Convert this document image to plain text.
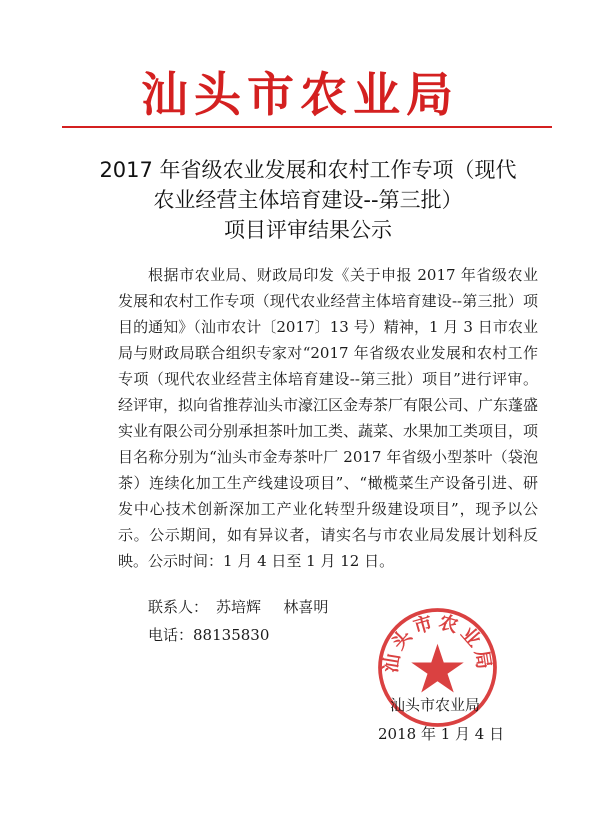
汕头市农业局
2017 年省级农业发展和农村工作专项（现代
农业经营主体培育建设--第三批）
项目评审结果公示

根据市农业局、财政局印发《关于申报 2017 年省级农业发展和农村工作专项（现代农业经营主体培育建设--第三批）项目的通知》（汕市农计〔2017〕13 号）精神，1 月 3 日市农业局与财政局联合组织专家对“2017 年省级农业发展和农村工作专项（现代农业经营主体培育建设--第三批）项目”进行评审。经评审，拟向省推荐汕头市濠江区金寿茶厂有限公司、广东蓬盛实业有限公司分别承担茶叶加工类、蔬菜、水果加工类项目，项目名称分别为“汕头市金寿茶叶厂 2017 年省级小型茶叶（袋泡茶）连续化加工生产线建设项目”、“橄榄菜生产设备引进、研发中心技术创新深加工产业化转型升级建设项目”，现予以公示。公示期间，如有异议者，请实名与市农业局发展计划科反映。公示时间：1 月 4 日至 1 月 12 日。

联系人： 苏培辉 林喜明
电话：88135830
汕头市农业局
汕头市农业局
2018 年 1 月 4 日
